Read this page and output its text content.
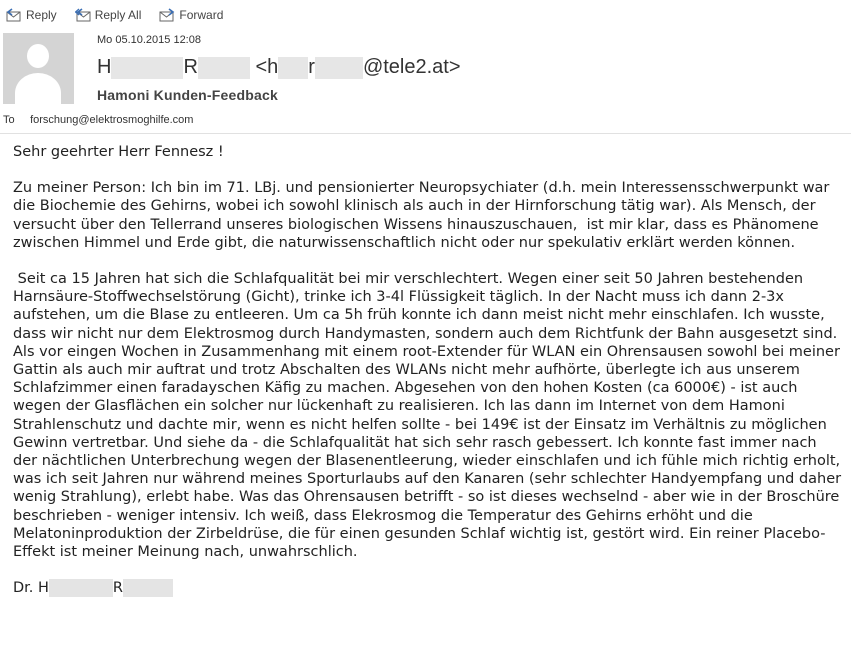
Reply	Reply All	Forward
Mo 05.10.2015 12:08
H	R	<h r @tele2.at>
Hamoni Kunden-Feedback
To forschung@elektrosmoghilfe.com

Sehr geehrter Herr Fennesz !

Zu meiner Person: Ich bin im 71. LBj. und pensionierter Neuropsychiater (d.h. mein Interessensschwerpunkt war die Biochemie des Gehirns, wobei ich sowohl klinisch als auch in der Hirnforschung tätig war). Als Mensch, der versucht über den Tellerrand unseres biologischen Wissens hinauszuschauen,  ist mir klar, dass es Phänomene zwischen Himmel und Erde gibt, die naturwissenschaftlich nicht oder nur spekulativ erklärt werden können.

Seit ca 15 Jahren hat sich die Schlafqualität bei mir verschlechtert. Wegen einer seit 50 Jahren bestehenden Harnsäure-Stoffwechselstörung (Gicht), trinke ich 3-4l Flüssigkeit täglich. In der Nacht muss ich dann 2-3x aufstehen, um die Blase zu entleeren. Um ca 5h früh konnte ich dann meist nicht mehr einschlafen. Ich wusste, dass wir nicht nur dem Elektrosmog durch Handymasten, sondern auch dem Richtfunk der Bahn ausgesetzt sind. Als vor eingen Wochen in Zusammenhang mit einem root-Extender für WLAN ein Ohrensausen sowohl bei meiner Gattin als auch mir auftrat und trotz Abschalten des WLANs nicht mehr aufhörte, überlegte ich aus unserem Schlafzimmer einen faradayschen Käfig zu machen. Abgesehen von den hohen Kosten (ca 6000€) - ist auch wegen der Glasflächen ein solcher nur lückenhaft zu realisieren. Ich las dann im Internet von dem Hamoni Strahlenschutz und dachte mir, wenn es nicht helfen sollte - bei 149€ ist der Einsatz im Verhältnis zu möglichen Gewinn vertretbar. Und siehe da - die Schlafqualität hat sich sehr rasch gebessert. Ich konnte fast immer nach der nächtlichen Unterbrechung wegen der Blasenentleerung, wieder einschlafen und ich fühle mich richtig erholt, was ich seit Jahren nur während meines Sporturlaubs auf den Kanaren (sehr schlechter Handyempfang und daher wenig Strahlung), erlebt habe. Was das Ohrensausen betrifft - so ist dieses wechselnd - aber wie in der Broschüre beschrieben - weniger intensiv. Ich weiß, dass Elekrosmog die Temperatur des Gehirns erhöht und die Melatoninproduktion der Zirbeldrüse, die für einen gesunden Schlaf wichtig ist, gestört wird. Ein reiner Placebo-Effekt ist meiner Meinung nach, unwahrschlich.

Dr. H	R
